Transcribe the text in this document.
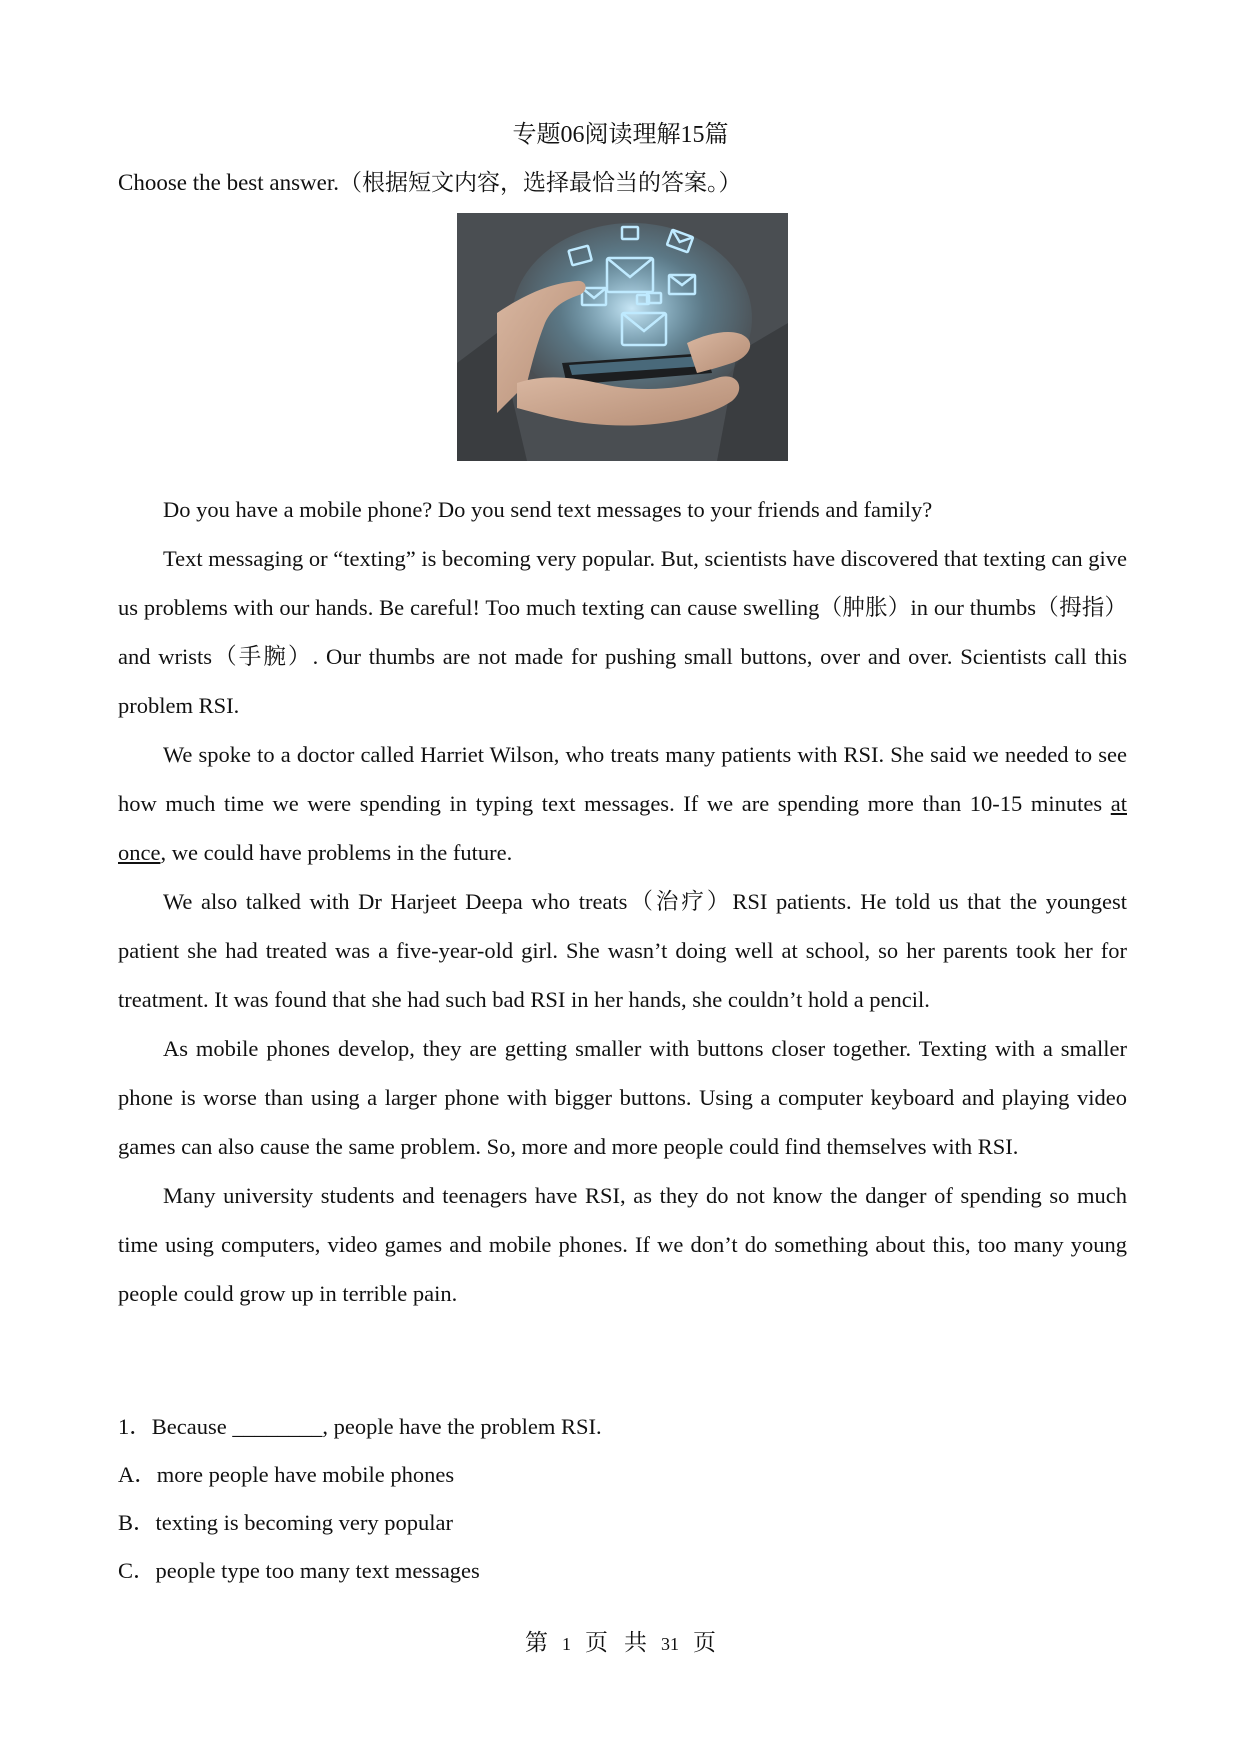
专题06阅读理解15篇
Choose the best answer.（根据短文内容，选择最恰当的答案。）

Do you have a mobile phone? Do you send text messages to your friends and family?

Text messaging or “texting” is becoming very popular. But, scientists have discovered that texting can give us problems with our hands. Be careful! Too much texting can cause swelling（肿胀）in our thumbs（拇指）and wrists（手腕）. Our thumbs are not made for pushing small buttons, over and over. Scientists call this problem RSI.

We spoke to a doctor called Harriet Wilson, who treats many patients with RSI. She said we needed to see how much time we were spending in typing text messages. If we are spending more than 10-15 minutes at once, we could have problems in the future.

We also talked with Dr Harjeet Deepa who treats（治疗）RSI patients. He told us that the youngest patient she had treated was a five-year-old girl. She wasn’t doing well at school, so her parents took her for treatment. It was found that she had such bad RSI in her hands, she couldn’t hold a pencil.

As mobile phones develop, they are getting smaller with buttons closer together. Texting with a smaller phone is worse than using a larger phone with bigger buttons. Using a computer keyboard and playing video games can also cause the same problem. So, more and more people could find themselves with RSI.

Many university students and teenagers have RSI, as they do not know the danger of spending so much time using computers, video games and mobile phones. If we don’t do something about this, too many young people could grow up in terrible pain.

1．Because ________, people have the problem RSI.
A．more people have mobile phones
B．texting is becoming very popular
C．people type too many text messages
第 1 页 共 31 页
